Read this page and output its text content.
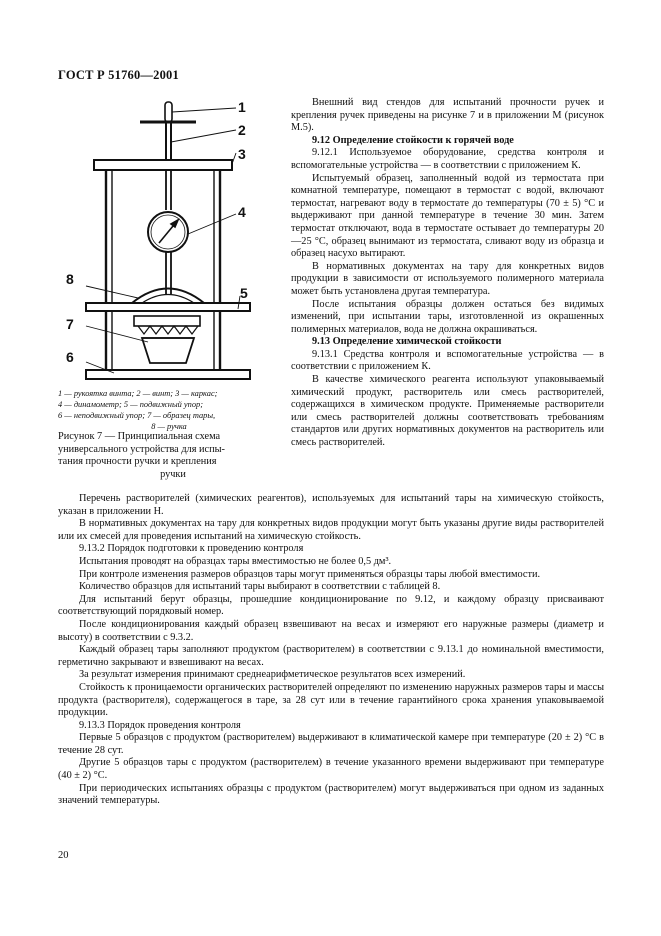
ГОСТ Р 51760—2001
1
2
3
4
5
6
7
8
1 — рукоятка винта; 2 — винт; 3 — каркас;
4 — динамометр; 5 — подвижный упор;
6 — неподвижный упор; 7 — образец тары,
8 — ручка
Рисунок 7 — Принципиальная схема
универсального устройства для испы-
тания прочности ручки и крепления
ручки

Внешний вид стендов для испытаний прочности ручек и крепления ручек приведены на рисунке 7 и в приложении М (рисунок М.5).

9.12 Определение стойкости к горячей воде

9.12.1 Используемое оборудование, средства контроля и вспомогательные устройства — в соответствии с приложением К.

Испытуемый образец, заполненный водой из термостата при комнатной температуре, помещают в термостат с водой, включают термостат, нагревают воду в термостате до температуры (70 ± 5) °С и выдерживают при данной температуре в течение 30 мин. Затем термостат отключают, вода в термостате остывает до температуры 20—25 °С, образец вынимают из термостата, сливают воду из образца и образец насухо вытирают.

В нормативных документах на тару для конкретных видов продукции в зависимости от используемого полимерного материала может быть установлена другая температура.

После испытания образцы должен остаться без видимых изменений, при испытании тары, изготовленной из окрашенных полимерных материалов, вода не должна окрашиваться.

9.13 Определение химической стойкости

9.13.1 Средства контроля и вспомогательные устройства — в соответствии с приложением К.

В качестве химического реагента используют упаковываемый химический продукт, растворитель или смесь растворителей, содержащихся в химическом продукте. Применяемые растворители или смесь растворителей должны соответствовать требованиям стандартов или других нормативных документов на растворитель или смесь растворителей.

Перечень растворителей (химических реагентов), используемых для испытаний тары на химическую стойкость, указан в приложении Н.

В нормативных документах на тару для конкретных видов продукции могут быть указаны другие виды растворителей или их смесей для проведения испытаний на химическую стойкость.

9.13.2 Порядок подготовки к проведению контроля

Испытания проводят на образцах тары вместимостью не более 0,5 дм³.

При контроле изменения размеров образцов тары могут применяться образцы тары любой вместимости.

Количество образцов для испытаний тары выбирают в соответствии с таблицей 8.

Для испытаний берут образцы, прошедшие кондиционирование по 9.12, и каждому образцу присваивают соответствующий порядковый номер.

После кондиционирования каждый образец взвешивают на весах и измеряют его наружные размеры (диаметр и высоту) в соответствии с 9.3.2.

Каждый образец тары заполняют продуктом (растворителем) в соответствии с 9.13.1 до номинальной вместимости, герметично закрывают и взвешивают на весах.

За результат измерения принимают среднеарифметическое результатов всех измерений.

Стойкость к проницаемости органических растворителей определяют по изменению наружных размеров тары и массы продукта (растворителя), содержащегося в таре, за 28 сут или в течение гарантийного срока хранения упаковываемой продукции.

9.13.3 Порядок проведения контроля

Первые 5 образцов с продуктом (растворителем) выдерживают в климатической камере при температуре (20 ± 2) °С в течение 28 сут.

Другие 5 образцов тары с продуктом (растворителем) в течение указанного времени выдерживают при температуре (40 ± 2) °С.

При периодических испытаниях образцы с продуктом (растворителем) могут выдерживаться при одном из заданных значений температуры.

20
